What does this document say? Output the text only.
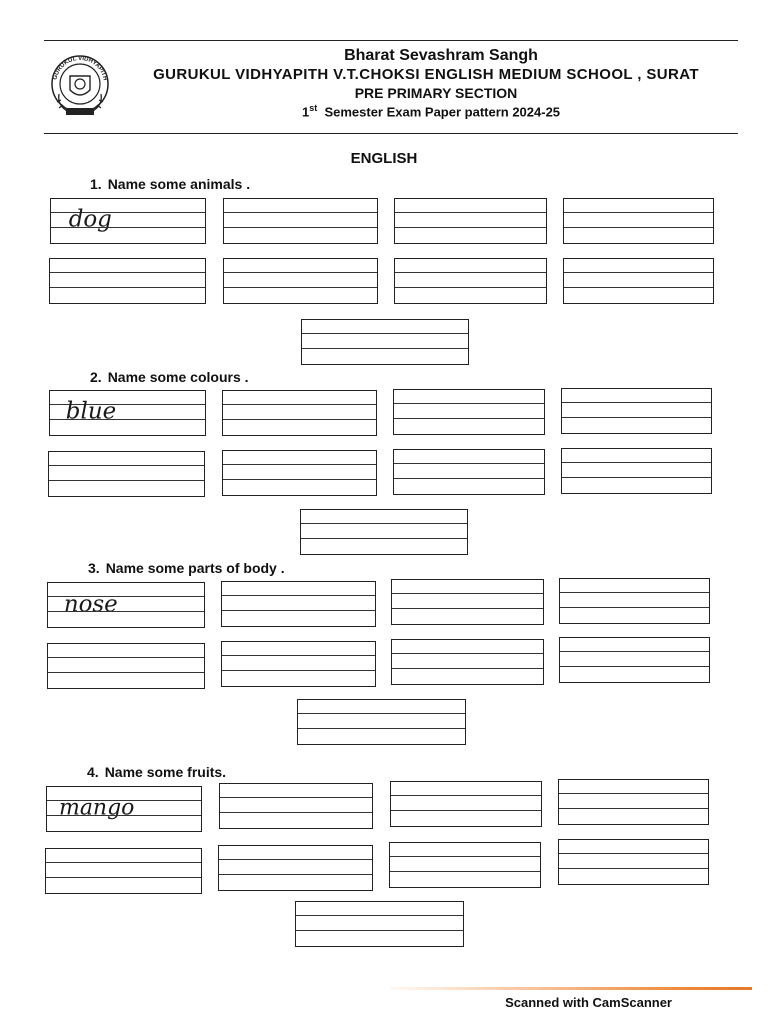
GURUKUL VIDHYAPITH
Bharat Sevashram Sangh
GURUKUL VIDHYAPITH V.T.CHOKSI ENGLISH MEDIUM SCHOOL , SURAT
PRE PRIMARY SECTION
1st Semester Exam Paper pattern 2024-25
ENGLISH
1. Name some animals .
dog
2. Name some colours .
blue
3. Name some parts of body .
nose
4. Name some fruits.
mango
Scanned with CamScanner
